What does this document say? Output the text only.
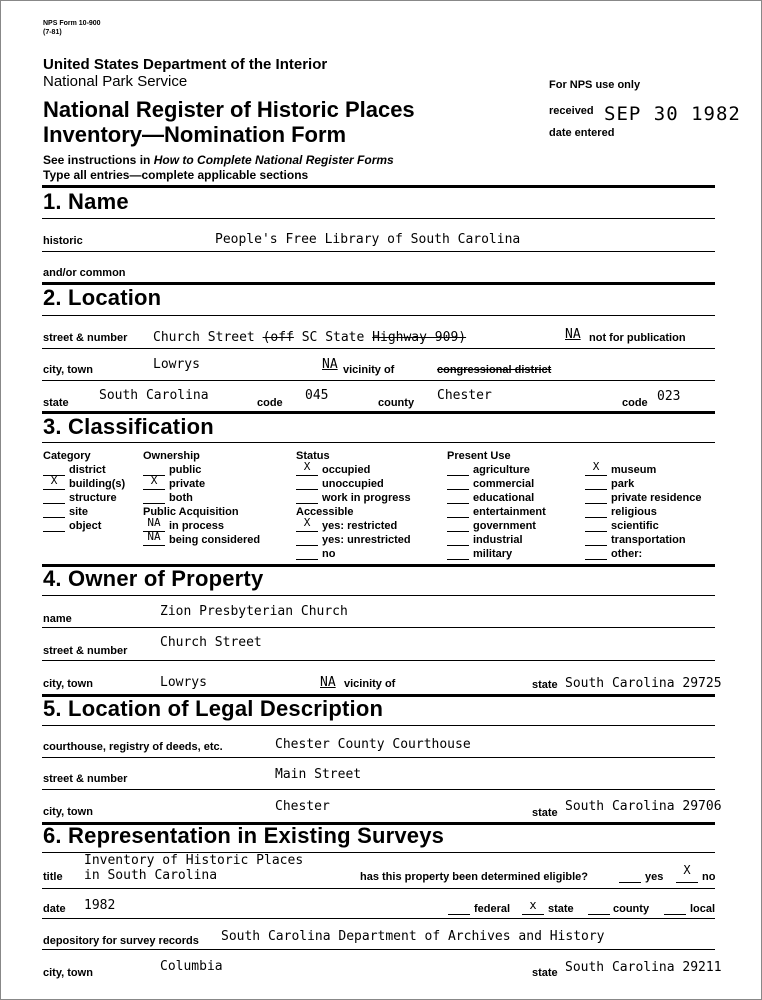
NPS Form 10-900
(7-81)
United States Department of the Interior
National Park Service
National Register of Historic Places
Inventory—Nomination Form
See instructions in How to Complete National Register Forms
Type all entries—complete applicable sections
For NPS use only
received SEP 30 1982
date entered
1. Name
historic	People's Free Library of South Carolina
and/or common
2. Location
street & number Church Street (off SC State Highway 909)	NA not for publication
city, town	Lowrys	NA vicinity of	congressional district
state South Carolina	code 045	county Chester	code 023
3. Classification
Category
district
X	building(s)
structure
site
object
Ownership
public
X	private
both
Public Acquisition
NA in process
NA being considered
Status
X	occupied
unoccupied
work in progress
Accessible
X	yes: restricted
yes: unrestricted
no
Present Use
agriculture
commercial
educational
entertainment
government
industrial
military
X	museum
park
private residence
religious
scientific
transportation
other:
4. Owner of Property
name	Zion Presbyterian Church
street & number
Church Street
city, town	Lowrys	NA vicinity of	state South Carolina 29725
5. Location of Legal Description
courthouse, registry of deeds, etc.	Chester County Courthouse
street & number	Main Street
city, town	Chester	state South Carolina 29706
6. Representation in Existing Surveys
title
Inventory of Historic Places
in South Carolina	has this property been determined eligible?	yes	X	no
date 1982	federal	x	state	county	local
depository for survey records South Carolina Department of Archives and History
city, town	Columbia	state South Carolina 29211
